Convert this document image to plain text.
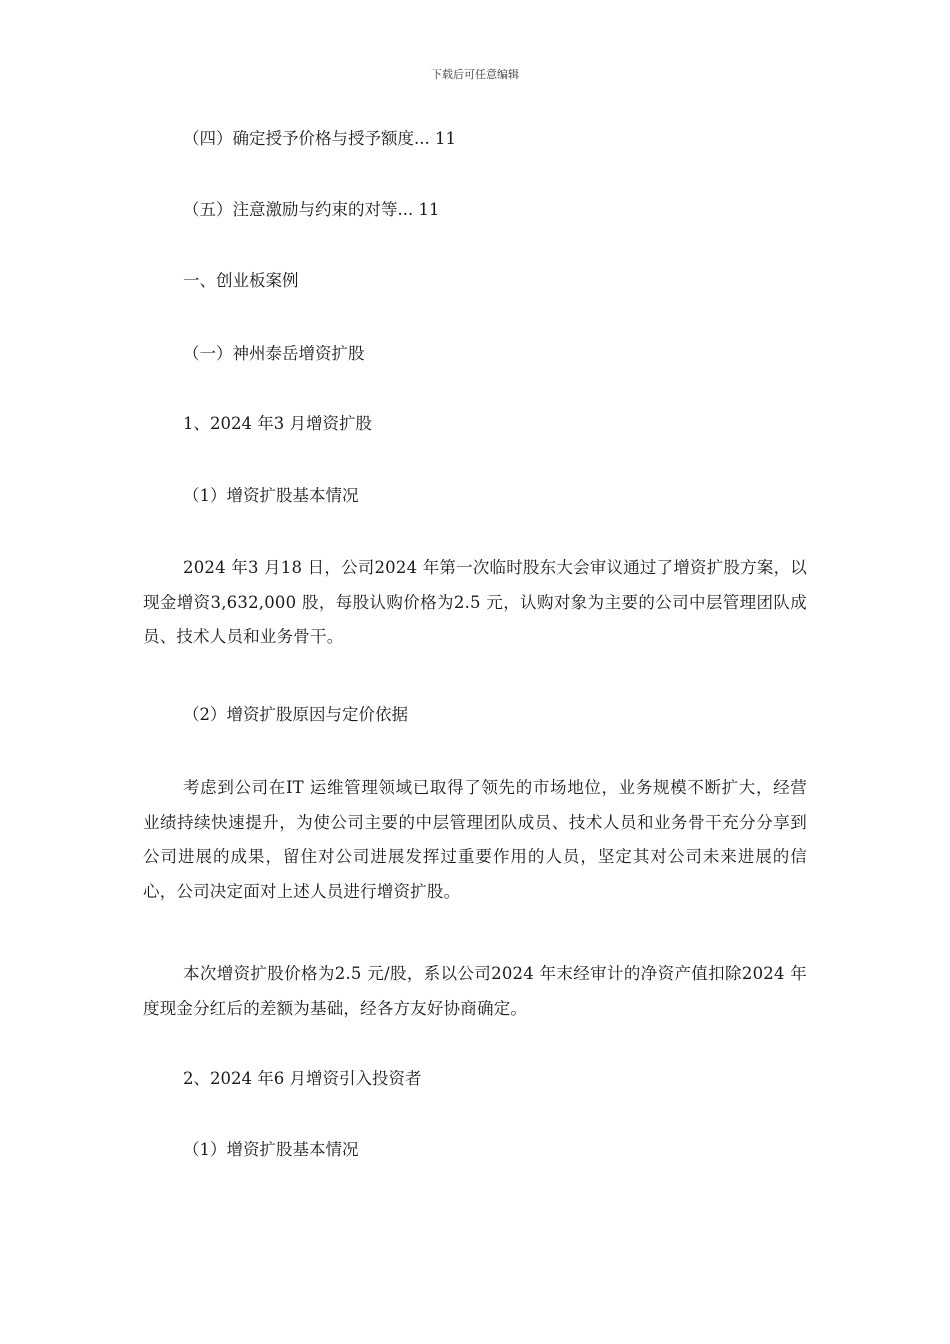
下载后可任意编辑
（四）确定授予价格与授予额度... 11
（五）注意激励与约束的对等... 11
一、创业板案例
（一）神州泰岳增资扩股
1、2024 年3 月增资扩股
（1）增资扩股基本情况
2024 年3 月18 日，公司2024 年第一次临时股东大会审议通过了增资扩股方案，以现金增资3,632,000 股，每股认购价格为2.5 元，认购对象为主要的公司中层管理团队成员、技术人员和业务骨干。
（2）增资扩股原因与定价依据
考虑到公司在IT 运维管理领域已取得了领先的市场地位，业务规模不断扩大，经营业绩持续快速提升，为使公司主要的中层管理团队成员、技术人员和业务骨干充分分享到公司进展的成果，留住对公司进展发挥过重要作用的人员，坚定其对公司未来进展的信心，公司决定面对上述人员进行增资扩股。
本次增资扩股价格为2.5 元/股，系以公司2024 年末经审计的净资产值扣除2024 年度现金分红后的差额为基础，经各方友好协商确定。
2、2024 年6 月增资引入投资者
（1）增资扩股基本情况
